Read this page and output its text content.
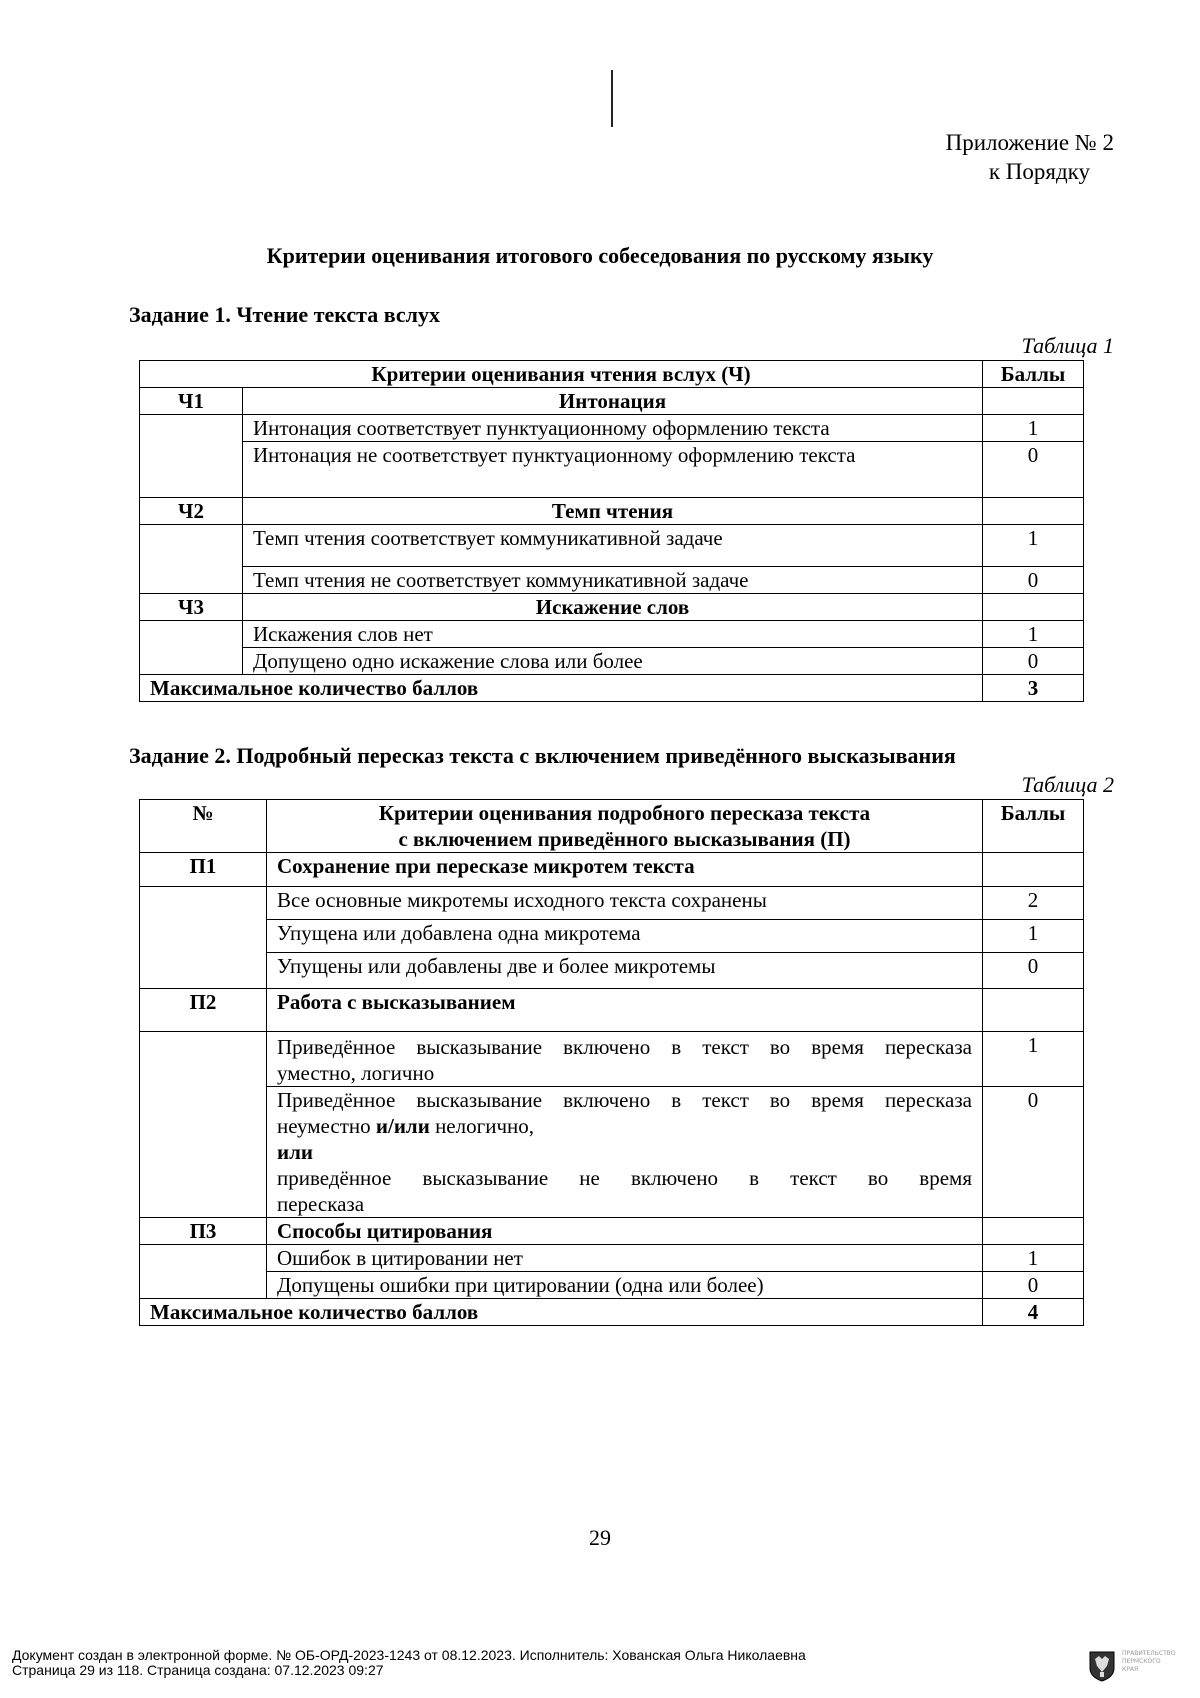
Приложение № 2
к Порядку
Критерии оценивания итогового собеседования по русскому языку
Задание 1. Чтение текста вслух
Таблица 1
Критерии оценивания чтения вслух (Ч)		Баллы
Ч1	Интонация	
	Интонация соответствует пунктуационному оформлению текста	1
	Интонация не соответствует пунктуационному оформлению текста	0
Ч2	Темп чтения	
	Темп чтения соответствует коммуникативной задаче	1
	Темп чтения не соответствует коммуникативной задаче	0
Ч3	Искажение слов	
	Искажения слов нет	1
	Допущено одно искажение слова или более	0
Максимальное количество баллов		3
Задание 2. Подробный пересказ текста с включением приведённого высказывания
Таблица 2
№	Критерии оценивания подробного пересказа текста
с включением приведённого высказывания (П)	Баллы
П1	Сохранение при пересказе микротем текста	
	Все основные микротемы исходного текста сохранены	2
	Упущена или добавлена одна микротема	1
	Упущены или добавлены две и более микротемы	0
П2	Работа с высказыванием	

	Приведённое высказывание включено в текст во время пересказа
уместно, логично	1

	Приведённое высказывание включено в текст во время пересказа
неуместно и/или нелогично,
или
приведённое высказывание не включено в текст во время
пересказа	0
П3	Способы цитирования	
	Ошибок в цитировании нет	1
	Допущены ошибки при цитировании (одна или более)	0
Максимальное количество баллов		4
29
Документ создан в электронной форме. № ОБ-ОРД-2023-1243 от 08.12.2023. Исполнитель: Хованская Ольга Николаевна
Страница 29 из 118. Страница создана: 07.12.2023 09:27
ПРАВИТЕЛЬСТВО
ПЕРМСКОГО
КРАЯ
